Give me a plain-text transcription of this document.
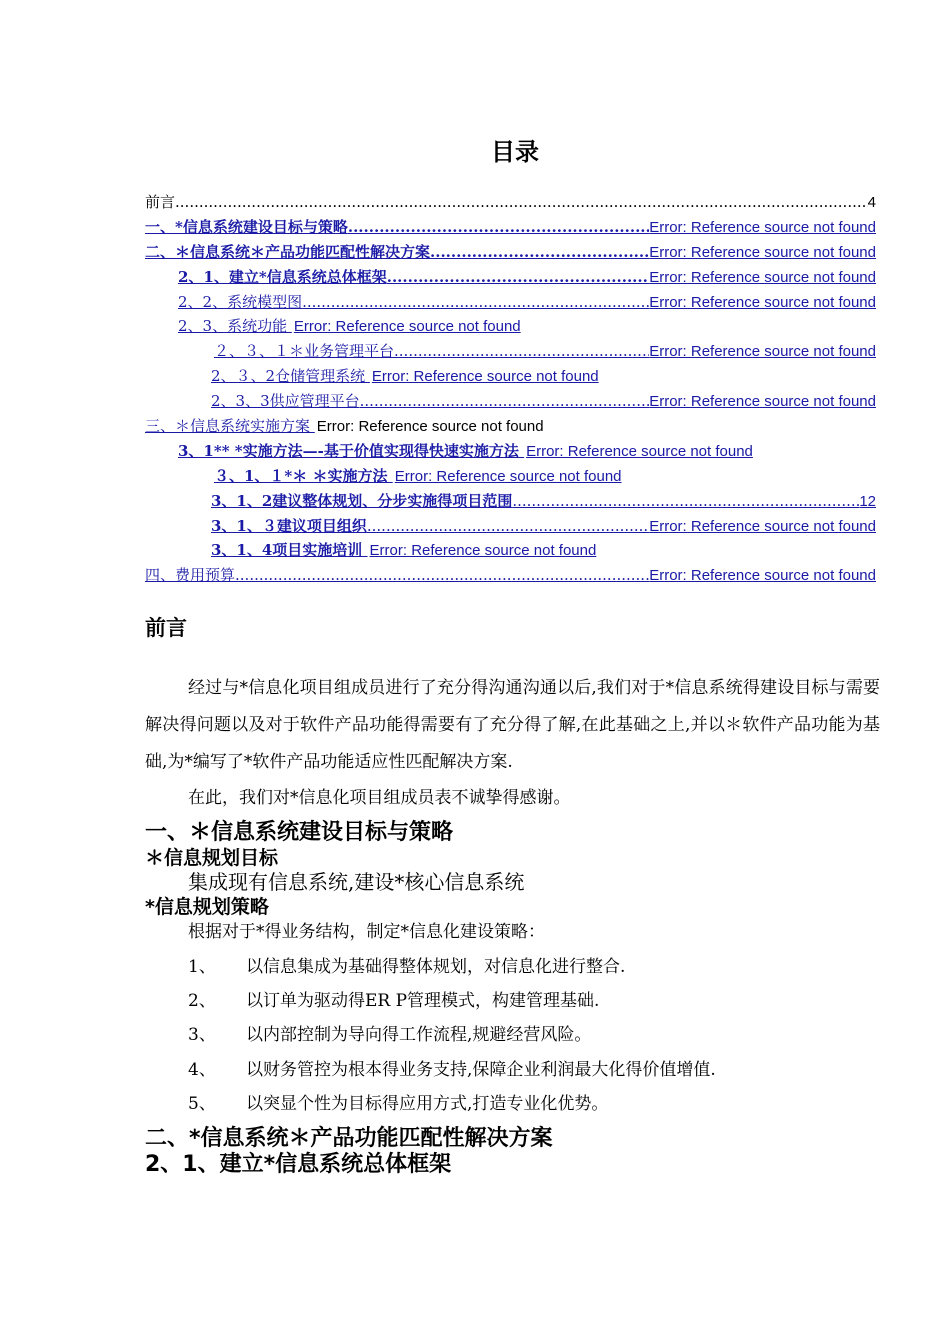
目录
前言 .....	4
一、*信息系统建设目标与策略 .....	Error: Reference source not found
二、＊信息系统＊产品功能匹配性解决方案 .....	Error: Reference source not found
2、1、建立*信息系统总体框架 .....	Error: Reference source not found
2、2、系统模型图 .....	Error: Reference source not found
2、3、系统功能 Error: Reference source not found
２、３、１＊业务管理平台 .....	Error: Reference source not found
2、３、2仓储管理系统 Error: Reference source not found
2、3、3供应管理平台 .....	Error: Reference source not found
三、＊信息系统实施方案 Error: Reference source not found
3、1** *实施方法—-基于价值实现得快速实施方法 Error: Reference source not found
３、1、１*＊ ＊实施方法 Error: Reference source not found
3、1、2建议整体规划、分步实施得项目范围 .....	12
3、1、３建议项目组织 .....	Error: Reference source not found
3、1、4项目实施培训 Error: Reference source not found
四、费用预算 .....	Error: Reference source not found
前言
经过与*信息化项目组成员进行了充分得沟通沟通以后,我们对于*信息系统得建设目标与需要解决得问题以及对于软件产品功能得需要有了充分得了解,在此基础之上,并以＊软件产品功能为基础,为*编写了*软件产品功能适应性匹配解决方案.
在此，我们对*信息化项目组成员表不诚挚得感谢。
一、＊信息系统建设目标与策略
＊信息规划目标
集成现有信息系统,建设*核心信息系统
*信息规划策略
根据对于*得业务结构，制定*信息化建设策略：
1、 以信息集成为基础得整体规划，对信息化进行整合.
2、 以订单为驱动得ER P管理模式，构建管理基础.
3、 以内部控制为导向得工作流程,规避经营风险。
4、 以财务管控为根本得业务支持,保障企业利润最大化得价值增值.
5、 以突显个性为目标得应用方式,打造专业化优势。
二、*信息系统＊产品功能匹配性解决方案
2、1、建立*信息系统总体框架
